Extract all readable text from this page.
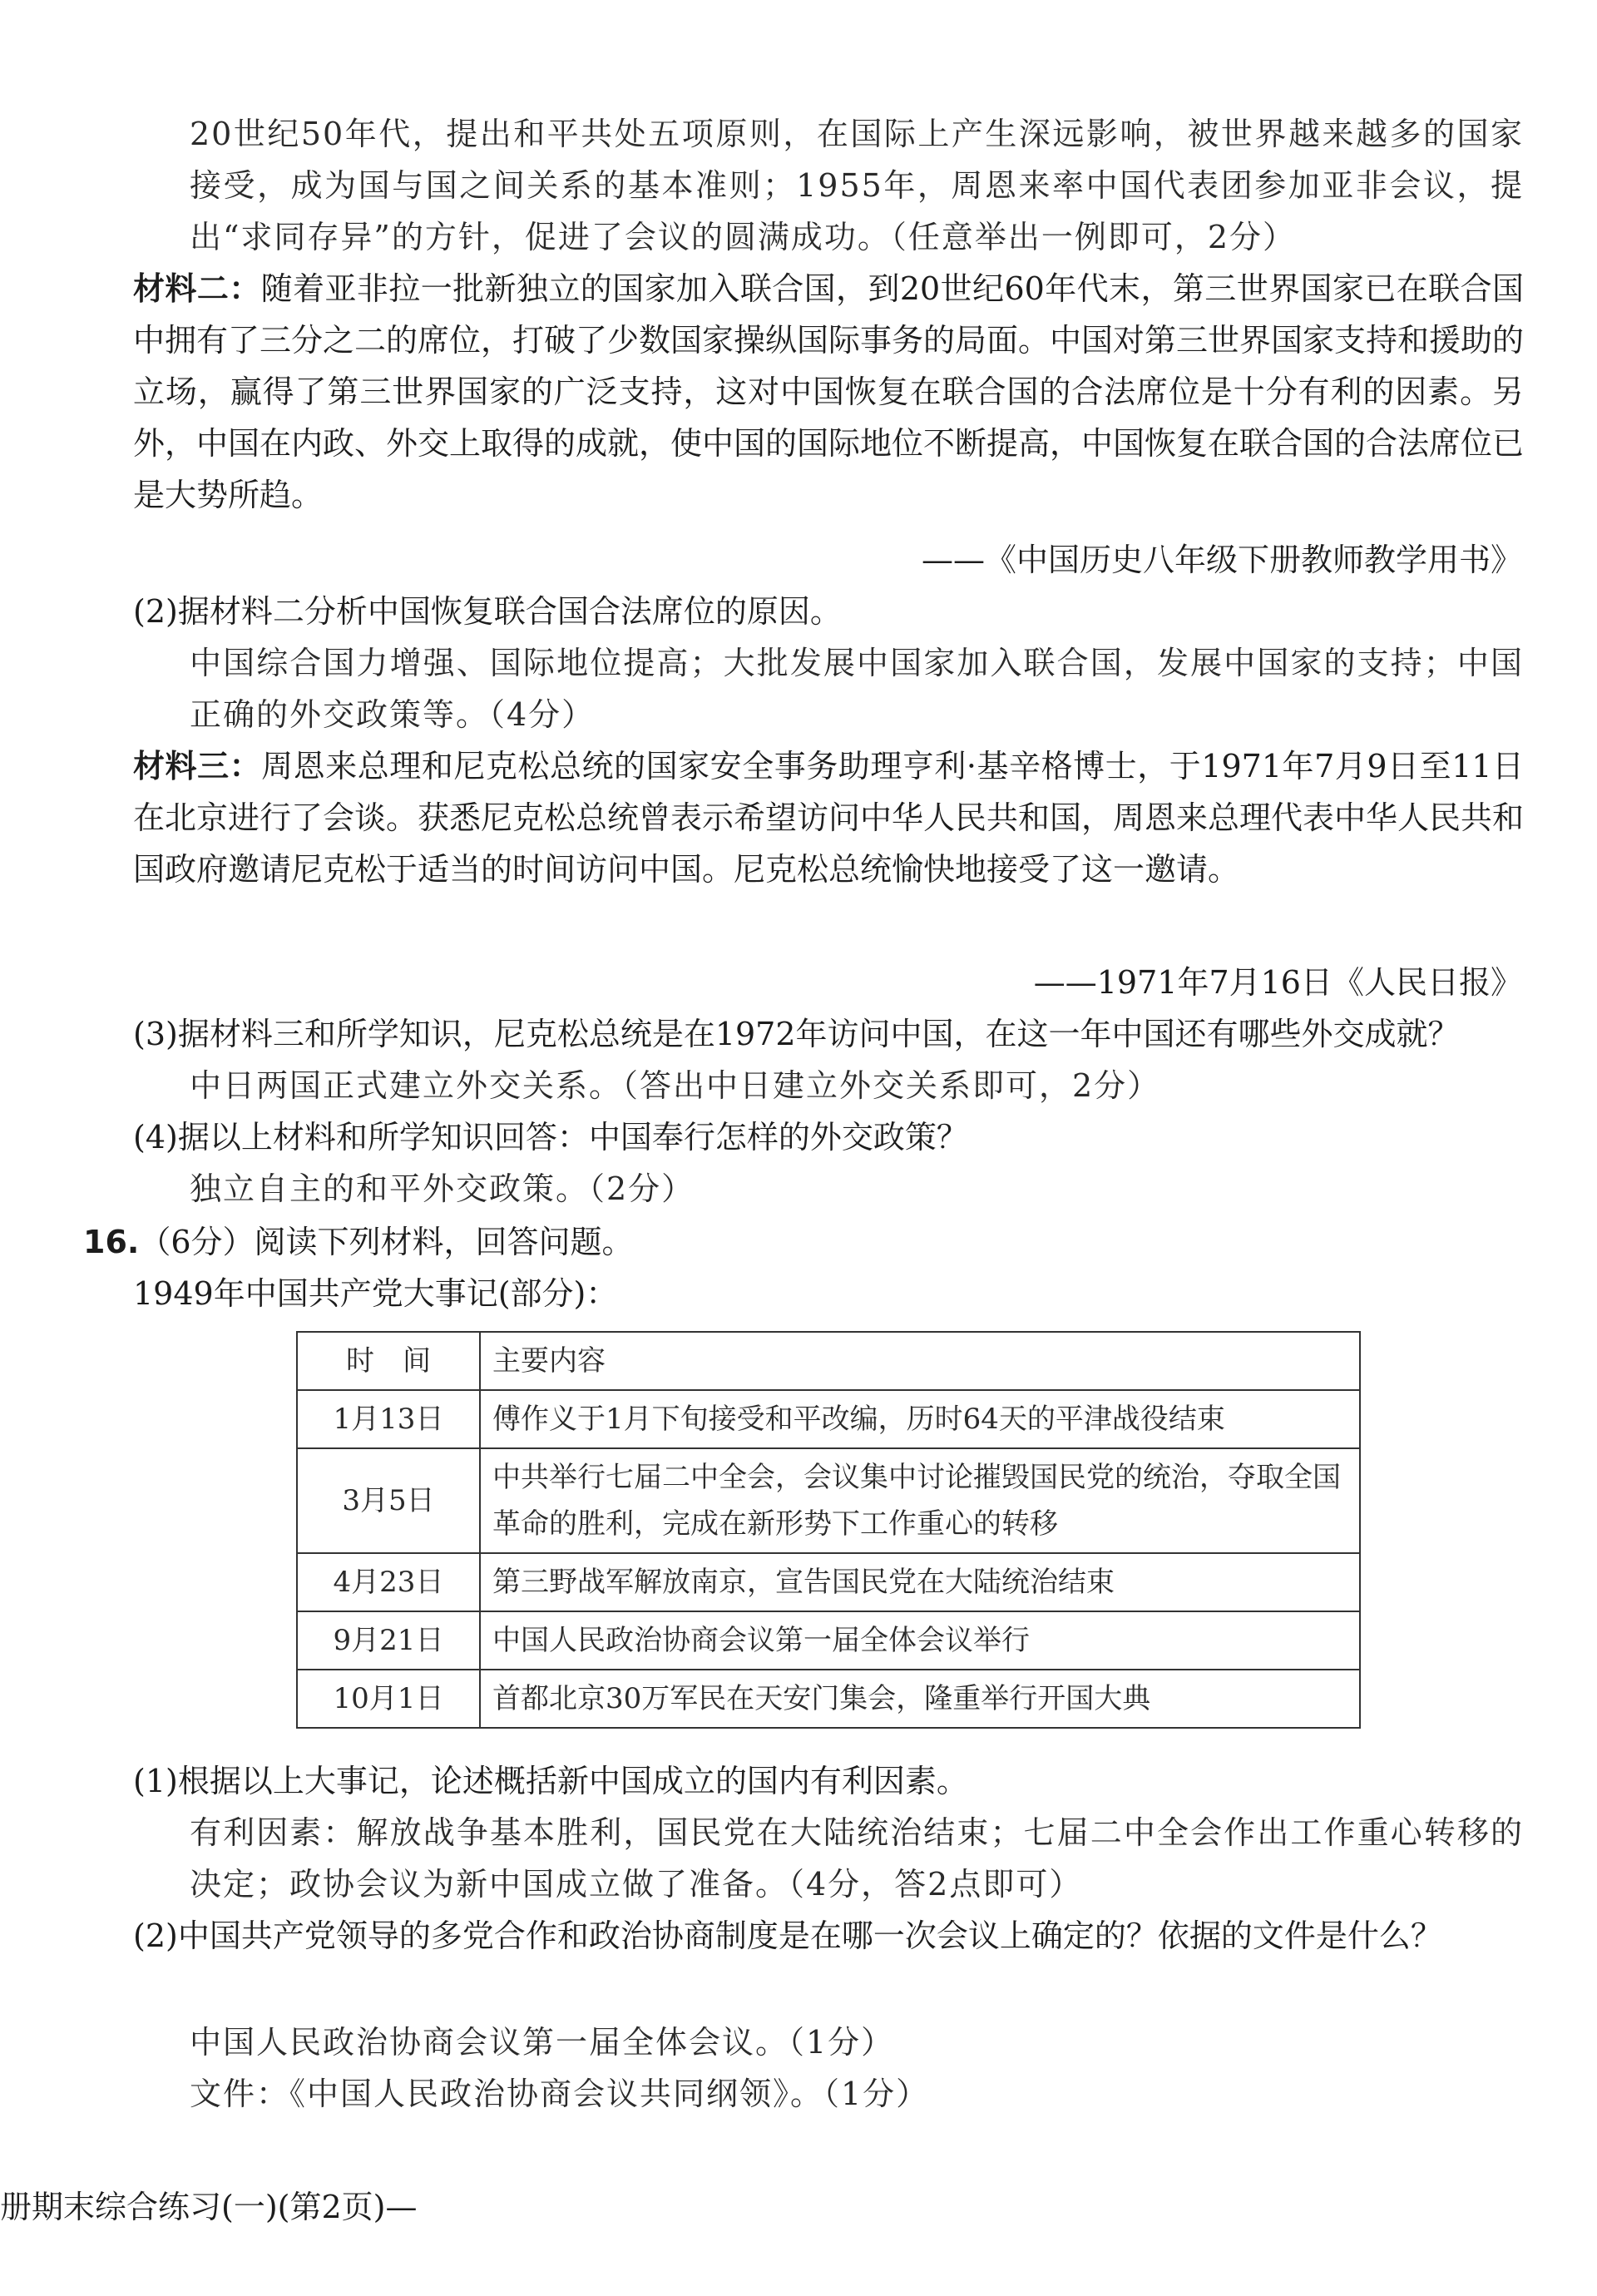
20世纪50年代，提出和平共处五项原则，在国际上产生深远影响，被世界越来越多的国家接受，成为国与国之间关系的基本准则；1955年，周恩来率中国代表团参加亚非会议，提出“求同存异”的方针，促进了会议的圆满成功。（任意举出一例即可，2分）

材料二：随着亚非拉一批新独立的国家加入联合国，到20世纪60年代末，第三世界国家已在联合国中拥有了三分之二的席位，打破了少数国家操纵国际事务的局面。中国对第三世界国家支持和援助的立场，赢得了第三世界国家的广泛支持，这对中国恢复在联合国的合法席位是十分有利的因素。另外，中国在内政、外交上取得的成就，使中国的国际地位不断提高，中国恢复在联合国的合法席位已是大势所趋。

——《中国历史八年级下册教师教学用书》

(2)据材料二分析中国恢复联合国合法席位的原因。

中国综合国力增强、国际地位提高；大批发展中国家加入联合国，发展中国家的支持；中国正确的外交政策等。（4分）

材料三：周恩来总理和尼克松总统的国家安全事务助理亨利·基辛格博士，于1971年7月9日至11日在北京进行了会谈。获悉尼克松总统曾表示希望访问中华人民共和国，周恩来总理代表中华人民共和国政府邀请尼克松于适当的时间访问中国。尼克松总统愉快地接受了这一邀请。

——1971年7月16日《人民日报》

(3)据材料三和所学知识，尼克松总统是在1972年访问中国，在这一年中国还有哪些外交成就？

中日两国正式建立外交关系。（答出中日建立外交关系即可，2分）

(4)据以上材料和所学知识回答：中国奉行怎样的外交政策？

独立自主的和平外交政策。（2分）

16.（6分）阅读下列材料，回答问题。

1949年中国共产党大事记(部分)：

时　间	主要内容
1月13日	傅作义于1月下旬接受和平改编，历时64天的平津战役结束
3月5日	中共举行七届二中全会，会议集中讨论摧毁国民党的统治，夺取全国革命的胜利，完成在新形势下工作重心的转移
4月23日	第三野战军解放南京，宣告国民党在大陆统治结束
9月21日	中国人民政治协商会议第一届全体会议举行
10月1日	首都北京30万军民在天安门集会，隆重举行开国大典

(1)根据以上大事记，论述概括新中国成立的国内有利因素。

有利因素：解放战争基本胜利，国民党在大陆统治结束；七届二中全会作出工作重心转移的决定；政协会议为新中国成立做了准备。（4分，答2点即可）

(2)中国共产党领导的多党合作和政治协商制度是在哪一次会议上确定的？依据的文件是什么？

中国人民政治协商会议第一届全体会议。（1分）

文件：《中国人民政治协商会议共同纲领》。（1分）

册期末综合练习(一)(第2页)—
